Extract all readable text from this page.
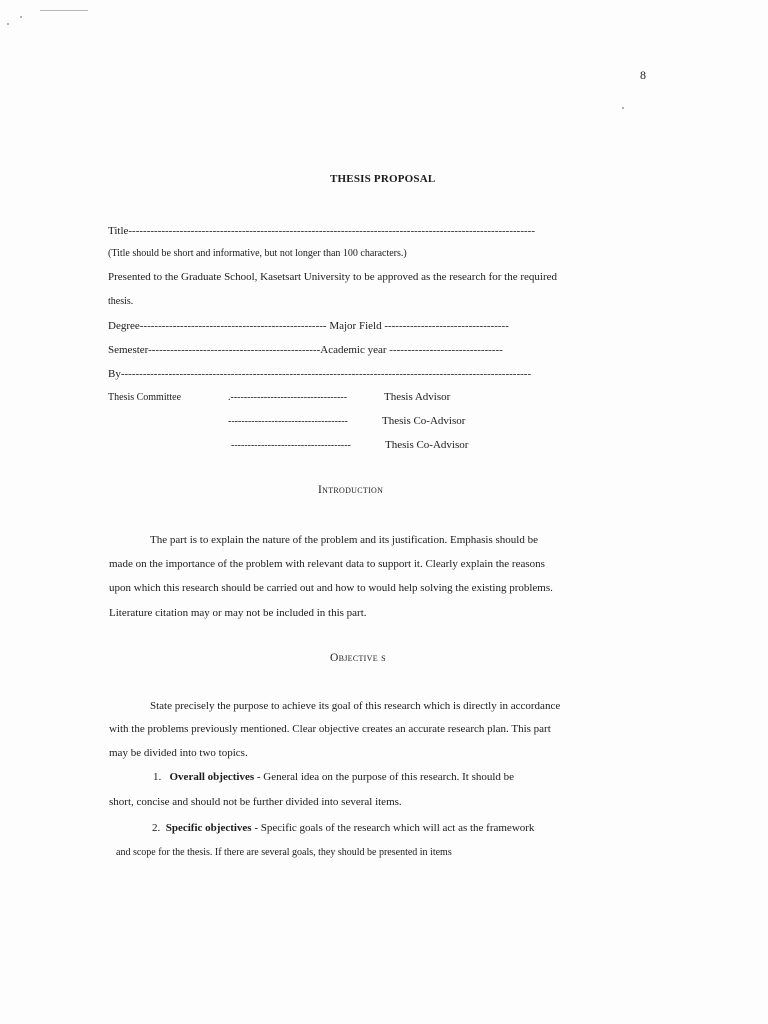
8
THESIS PROPOSAL
Title---------------------------------------------------------------------------------------------------------------
(Title should be short and informative, but not longer than 100 characters.)
Presented to the Graduate School, Kasetsart University to be approved as the research for the required
thesis.
Degree--------------------------------------------------- Major Field ----------------------------------
Semester-----------------------------------------------Academic year -------------------------------
By----------------------------------------------------------------------------------------------------------------
Thesis Committee	.-----------------------------------	Thesis Advisor
------------------------------------	Thesis Co-Advisor
------------------------------------	Thesis Co-Advisor
Introduction
The part is to explain the nature of the problem and its justification. Emphasis should be
made on the importance of the problem with relevant data to support it. Clearly explain the reasons
upon which this research should be carried out and how to would help solving the existing problems.
Literature citation may or may not be included in this part.
Objective s
State precisely the purpose to achieve its goal of this research which is directly in accordance
with the problems previously mentioned. Clear objective creates an accurate research plan. This part
may be divided into two topics.
1. Overall objectives - General idea on the purpose of this research. It should be
short, concise and should not be further divided into several items.
2. Specific objectives - Specific goals of the research which will act as the framework
and scope for the thesis. If there are several goals, they should be presented in items
